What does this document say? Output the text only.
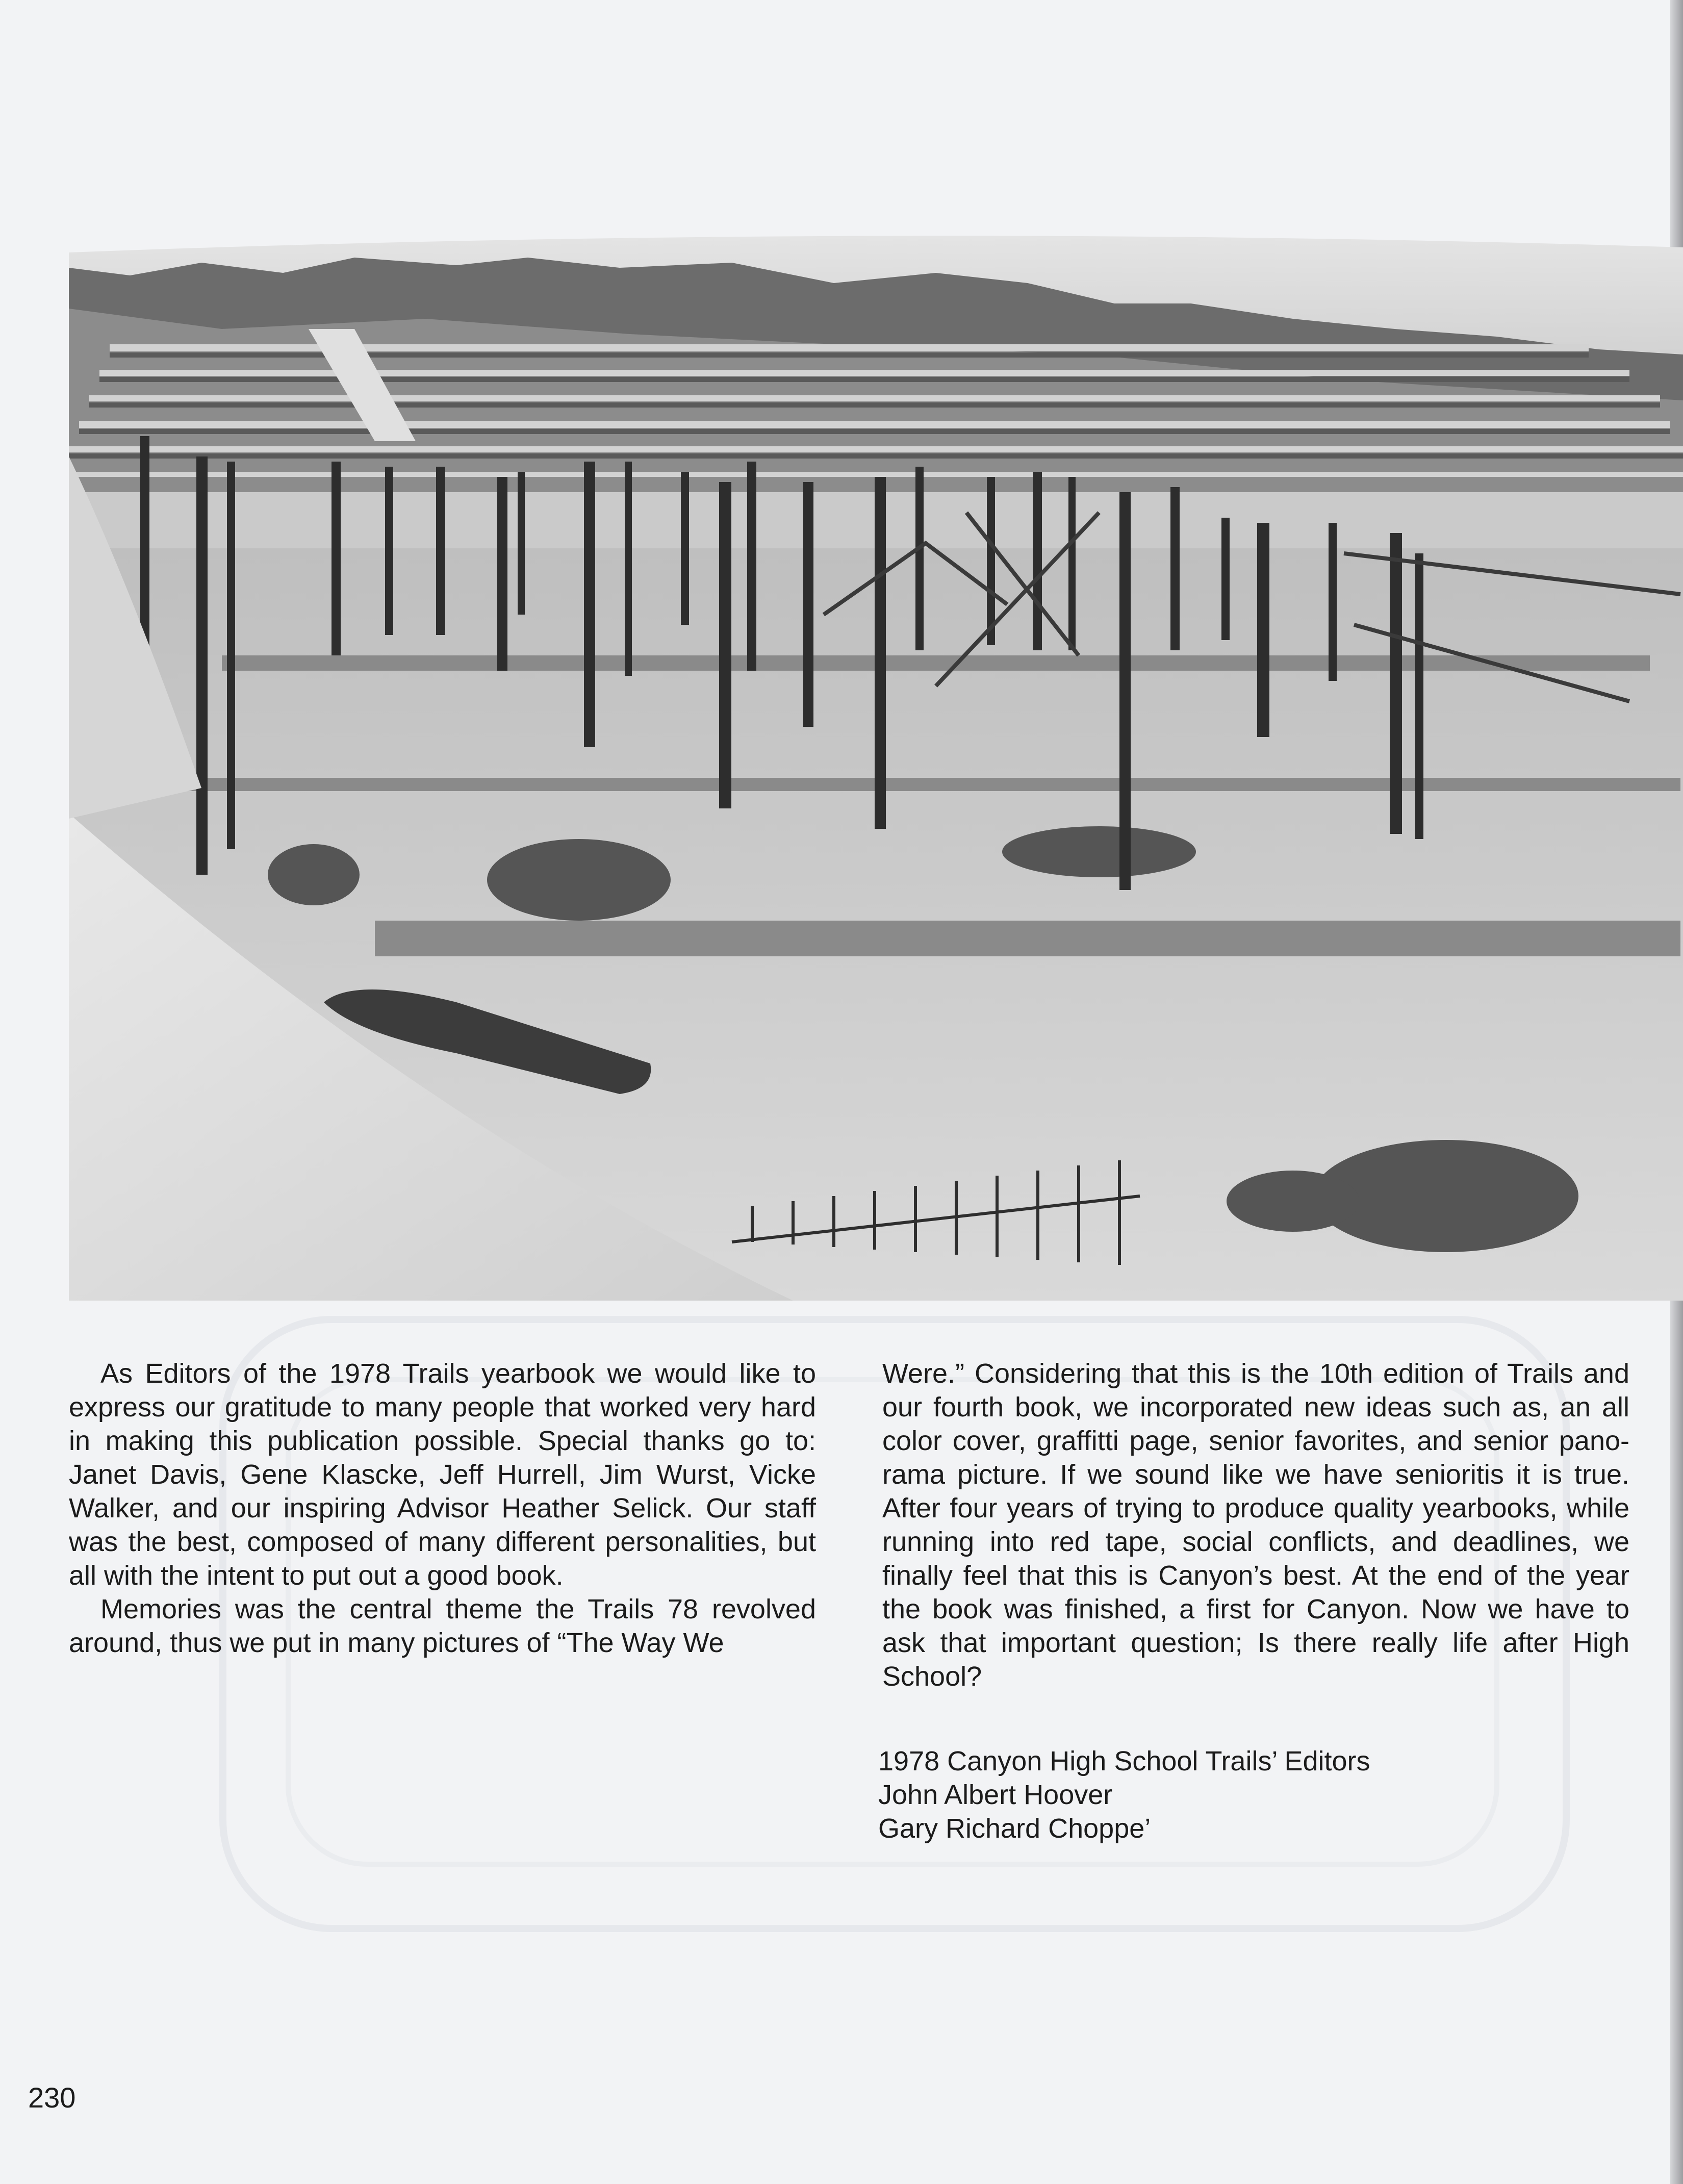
As Editors of the 1978 Trails yearbook we would like to express our gratitude to many people that worked very hard in making this publication possible. Special thanks go to: Janet Davis, Gene Klascke, Jeff Hurrell, Jim Wurst, Vicke Walker, and our inspiring Advisor Heather Selick. Our staff was the best, composed of many different personalities, but all with the intent to put out a good book.

Memories was the central theme the Trails 78 revolved around, thus we put in many pictures of “The Way We

Were.” Considering that this is the 10th edition of Trails and our fourth book, we incorporated new ideas such as, an all color cover, graffitti page, senior favorites, and senior pano-rama picture. If we sound like we have senioritis it is true. After four years of trying to produce quality yearbooks, while running into red tape, social conflicts, and deadlines, we finally feel that this is Canyon’s best. At the end of the year the book was finished, a first for Canyon. Now we have to ask that important question; Is there really life after High School?

1978 Canyon High School Trails’ Editors
John Albert Hoover
Gary Richard Choppe’
230
